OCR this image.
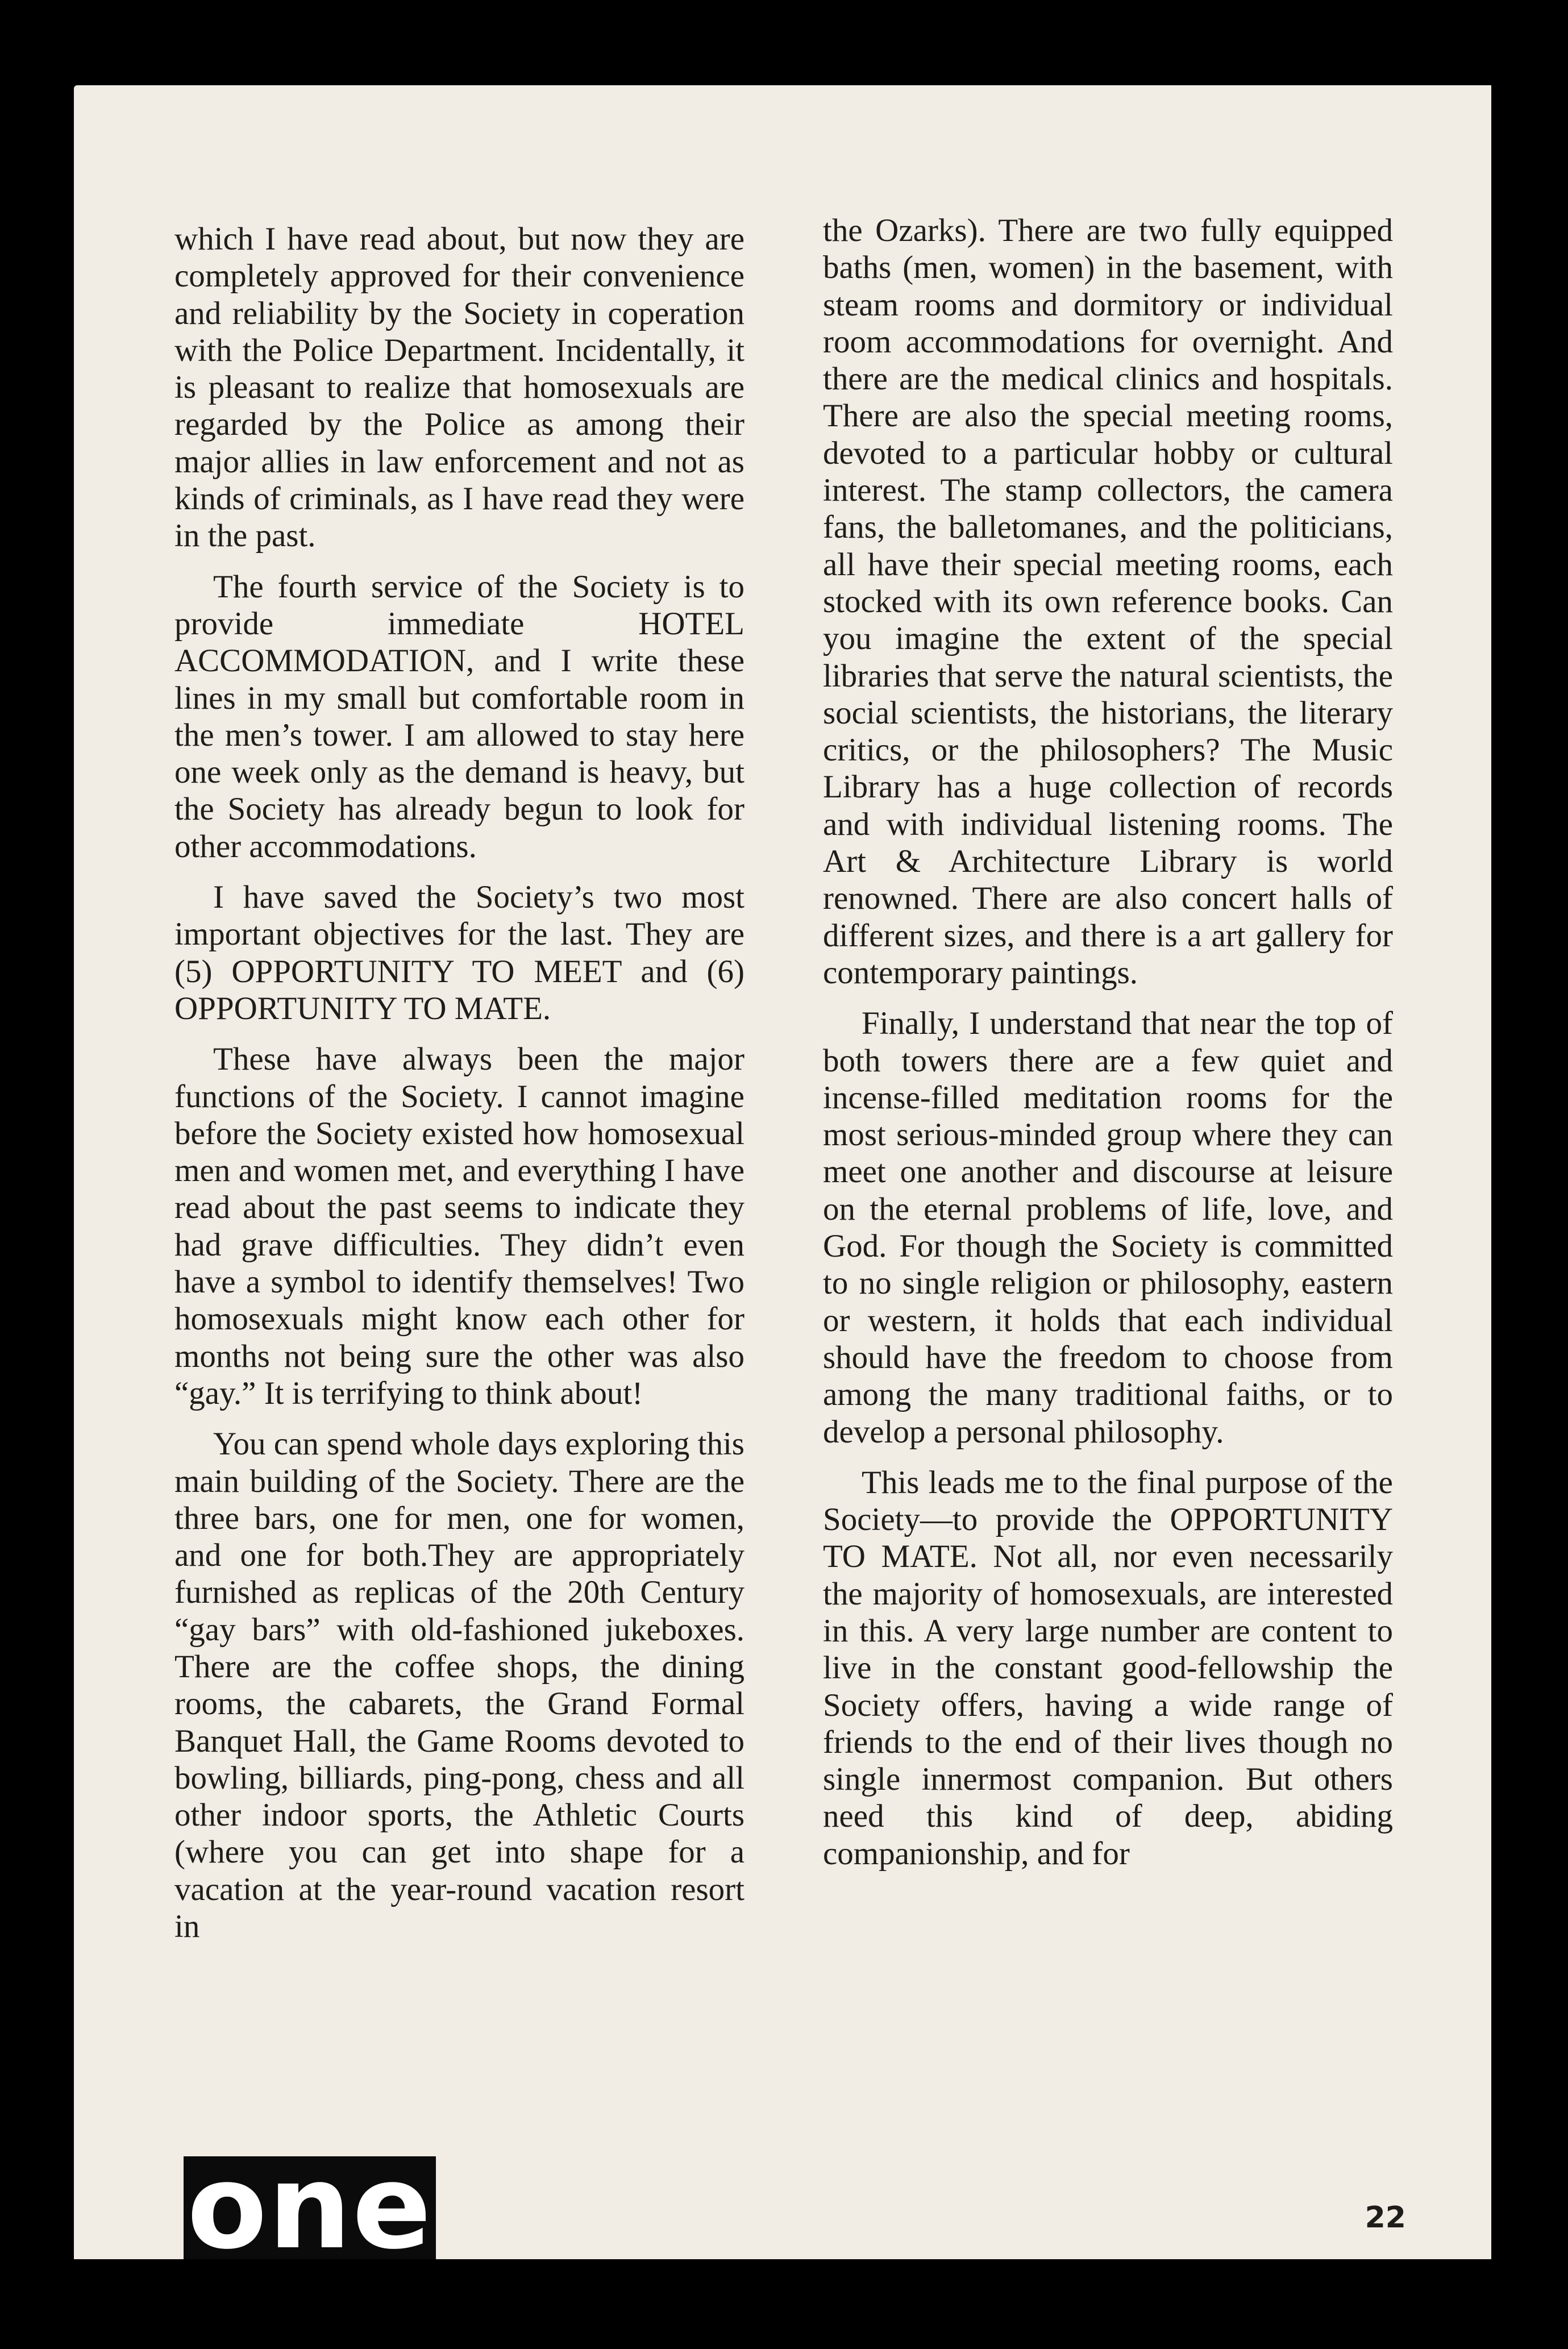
which I have read about, but now they are completely approved for their convenience and reliability by the Society in coperation with the Police Department. Incidentally, it is pleasant to realize that homosexuals are regarded by the Police as among their major allies in law enforcement and not as kinds of criminals, as I have read they were in the past.

The fourth service of the Society is to provide immediate HOTEL ACCOMMODATION, and I write these lines in my small but comfortable room in the men’s tower. I am allowed to stay here one week only as the demand is heavy, but the Society has already begun to look for other accommodations.

I have saved the Society’s two most important objectives for the last. They are (5) OPPORTUNITY TO MEET and (6) OPPORTUNITY TO MATE.

These have always been the major functions of the Society. I cannot imagine before the Society existed how homosexual men and women met, and everything I have read about the past seems to indicate they had grave difficulties. They didn’t even have a symbol to identify themselves! Two homosexuals might know each other for months not being sure the other was also “gay.” It is terrifying to think about!

You can spend whole days exploring this main building of the Society. There are the three bars, one for men, one for women, and one for both.They are appropriately furnished as replicas of the 20th Century “gay bars” with old-fashioned jukeboxes. There are the coffee shops, the dining rooms, the cabarets, the Grand Formal Banquet Hall, the Game Rooms devoted to bowling, billiards, ping-pong, chess and all other indoor sports, the Athletic Courts (where you can get into shape for a vacation at the year-round vacation resort in

the Ozarks). There are two fully equipped baths (men, women) in the basement, with steam rooms and dormitory or individual room accommodations for overnight. And there are the medical clinics and hospitals. There are also the special meeting rooms, devoted to a particular hobby or cultural interest. The stamp collectors, the camera fans, the balletomanes, and the politicians, all have their special meeting rooms, each stocked with its own reference books. Can you imagine the extent of the special libraries that serve the natural scientists, the social scientists, the historians, the literary critics, or the philosophers? The Music Library has a huge collection of records and with individual listening rooms. The Art & Architecture Library is world renowned. There are also concert halls of different sizes, and there is a art gallery for contemporary paintings.

Finally, I understand that near the top of both towers there are a few quiet and incense-filled meditation rooms for the most serious-minded group where they can meet one another and discourse at leisure on the eternal problems of life, love, and God. For though the Society is committed to no single religion or philosophy, eastern or western, it holds that each individual should have the freedom to choose from among the many traditional faiths, or to develop a personal philosophy.

This leads me to the final purpose of the Society—to provide the OPPORTUNITY TO MATE. Not all, nor even necessarily the majority of homosexuals, are interested in this. A very large number are content to live in the constant good-fellowship the Society offers, having a wide range of friends to the end of their lives though no single innermost companion. But others need this kind of deep, abiding companionship, and for

one	22
